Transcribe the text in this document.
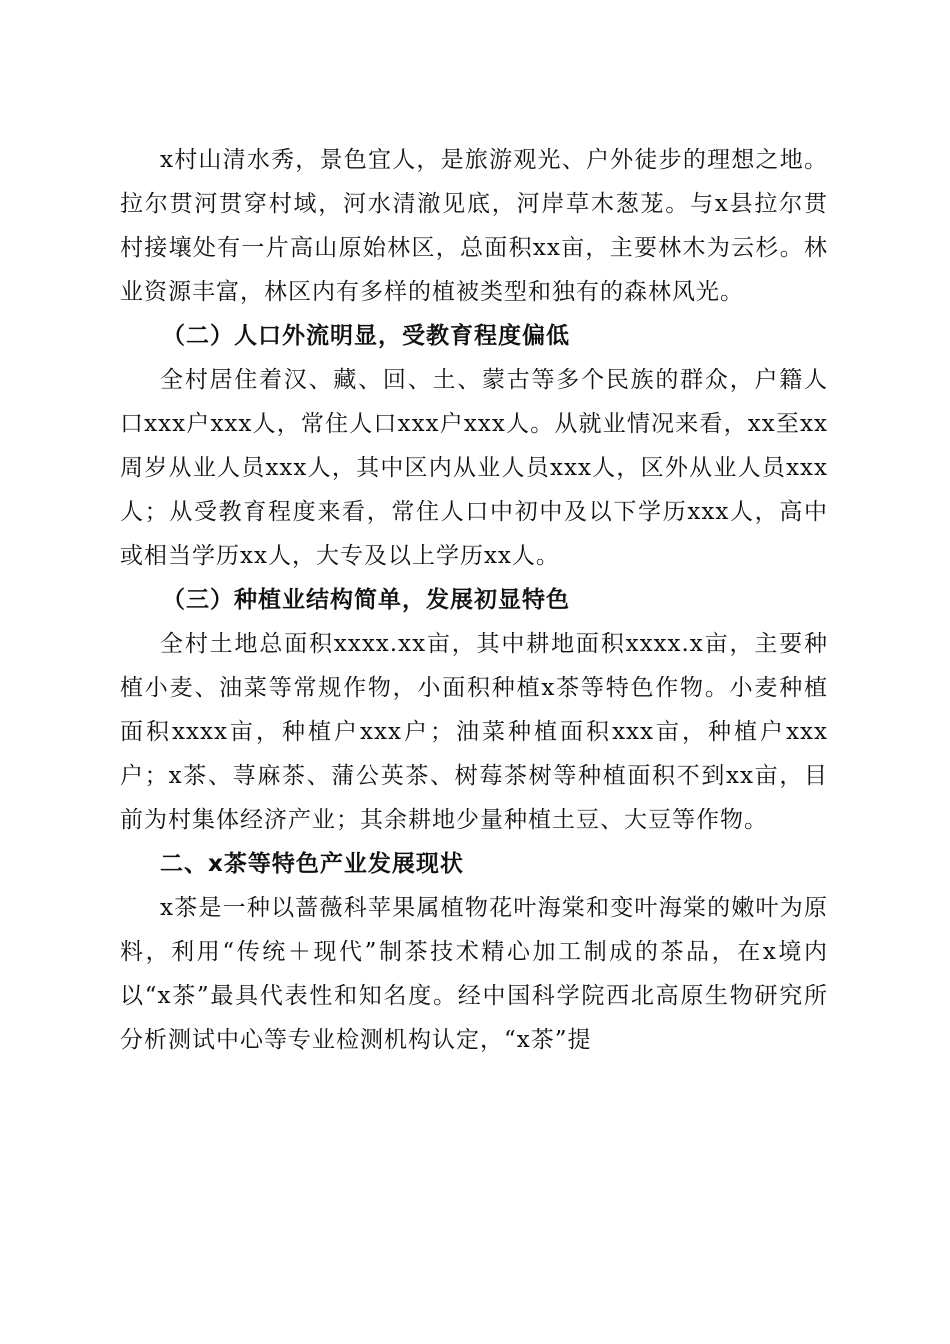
x村山清水秀，景色宜人，是旅游观光、户外徒步的理想之地。拉尔贯河贯穿村域，河水清澈见底，河岸草木葱茏。与x县拉尔贯村接壤处有一片高山原始林区，总面积xx亩，主要林木为云杉。林业资源丰富，林区内有多样的植被类型和独有的森林风光。

（二）人口外流明显，受教育程度偏低

全村居住着汉、藏、回、土、蒙古等多个民族的群众，户籍人口xxx户xxx人，常住人口xxx户xxx人。从就业情况来看，xx至xx周岁从业人员xxx人，其中区内从业人员xxx人，区外从业人员xxx人；从受教育程度来看，常住人口中初中及以下学历xxx人，高中或相当学历xx人，大专及以上学历xx人。

（三）种植业结构简单，发展初显特色

全村土地总面积xxxx.xx亩，其中耕地面积xxxx.x亩，主要种植小麦、油菜等常规作物，小面积种植x茶等特色作物。小麦种植面积xxxx亩，种植户xxx户；油菜种植面积xxx亩，种植户xxx户；x茶、荨麻茶、蒲公英茶、树莓茶树等种植面积不到xx亩，目前为村集体经济产业；其余耕地少量种植土豆、大豆等作物。

二、x茶等特色产业发展现状

x茶是一种以蔷薇科苹果属植物花叶海棠和变叶海棠的嫩叶为原料，利用“传统＋现代”制茶技术精心加工制成的茶品，在x境内以“x茶”最具代表性和知名度。经中国科学院西北高原生物研究所分析测试中心等专业检测机构认定，“x茶”提
